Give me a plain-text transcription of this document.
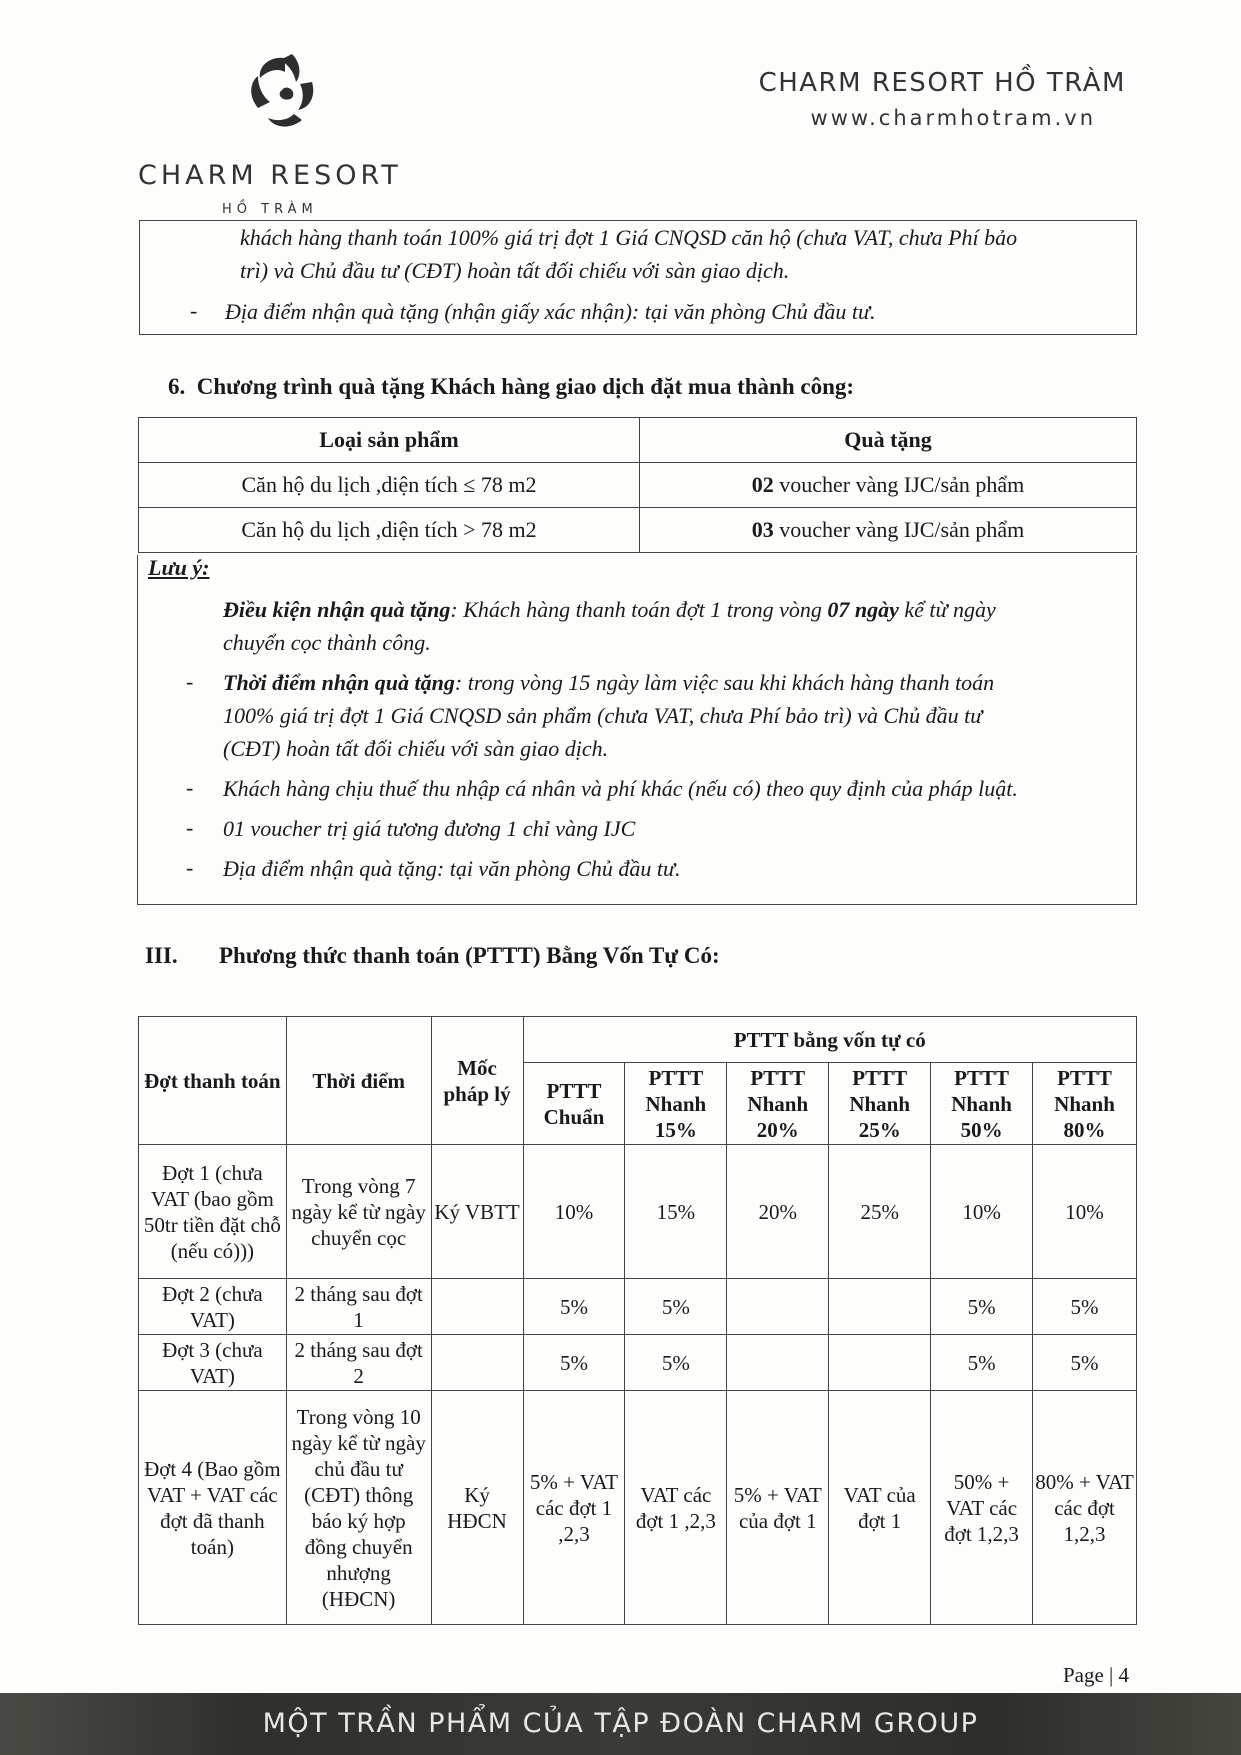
CHARM RESORT
HỒ TRÀM
CHARM RESORT HỒ TRÀM
www.charmhotram.vn
khách hàng thanh toán 100% giá trị đợt 1 Giá CNQSD căn hộ (chưa VAT, chưa Phí bảo
trì) và Chủ đầu tư (CĐT) hoàn tất đối chiếu với sàn giao dịch.
- Địa điểm nhận quà tặng (nhận giấy xác nhận): tại văn phòng Chủ đầu tư.
6.  Chương trình quà tặng Khách hàng giao dịch đặt mua thành công:
Loại sản phẩm	Quà tặng
Căn hộ du lịch ,diện tích ≤ 78 m2	02 voucher vàng IJC/sản phẩm
Căn hộ du lịch ,diện tích > 78 m2	03 voucher vàng IJC/sản phẩm
Lưu ý:
Điều kiện nhận quà tặng: Khách hàng thanh toán đợt 1 trong vòng 07 ngày kể từ ngày
chuyển cọc thành công.
- Thời điểm nhận quà tặng: trong vòng 15 ngày làm việc sau khi khách hàng thanh toán
100% giá trị đợt 1 Giá CNQSD sản phẩm (chưa VAT, chưa Phí bảo trì) và Chủ đầu tư
(CĐT) hoàn tất đối chiếu với sàn giao dịch.
- Khách hàng chịu thuế thu nhập cá nhân và phí khác (nếu có) theo quy định của pháp luật.
- 01 voucher trị giá tương đương 1 chỉ vàng IJC
- Địa điểm nhận quà tặng: tại văn phòng Chủ đầu tư.
III. Phương thức thanh toán (PTTT) Bằng Vốn Tự Có:
Đợt thanh toán	Thời điểm	Mốc pháp lý	PTTT bằng vốn tự có					
			PTTT Chuẩn	PTTT Nhanh 15%	PTTT Nhanh 20%	PTTT Nhanh 25%	PTTT Nhanh 50%	PTTT Nhanh 80%
Đợt 1 (chưa VAT (bao gồm 50tr tiền đặt chỗ (nếu có)))	Trong vòng 7 ngày kể từ ngày chuyển cọc	Ký VBTT	10%	15%	20%	25%	10%	10%
Đợt 2 (chưa VAT)	2 tháng sau đợt 1		5%	5%			5%	5%
Đợt 3 (chưa VAT)	2 tháng sau đợt 2		5%	5%			5%	5%
Đợt 4 (Bao gồm VAT + VAT các đợt đã thanh toán)	Trong vòng 10 ngày kể từ ngày chủ đầu tư (CĐT) thông báo ký hợp đồng chuyển nhượng (HĐCN)	Ký HĐCN	5% + VAT các đợt 1 ,2,3	VAT các đợt 1 ,2,3	5% + VAT của đợt 1	VAT của đợt 1	50% + VAT các đợt 1,2,3	80% + VAT các đợt 1,2,3
Page | 4
MỘT TRẦN PHẨM CỦA TẬP ĐOÀN CHARM GROUP
